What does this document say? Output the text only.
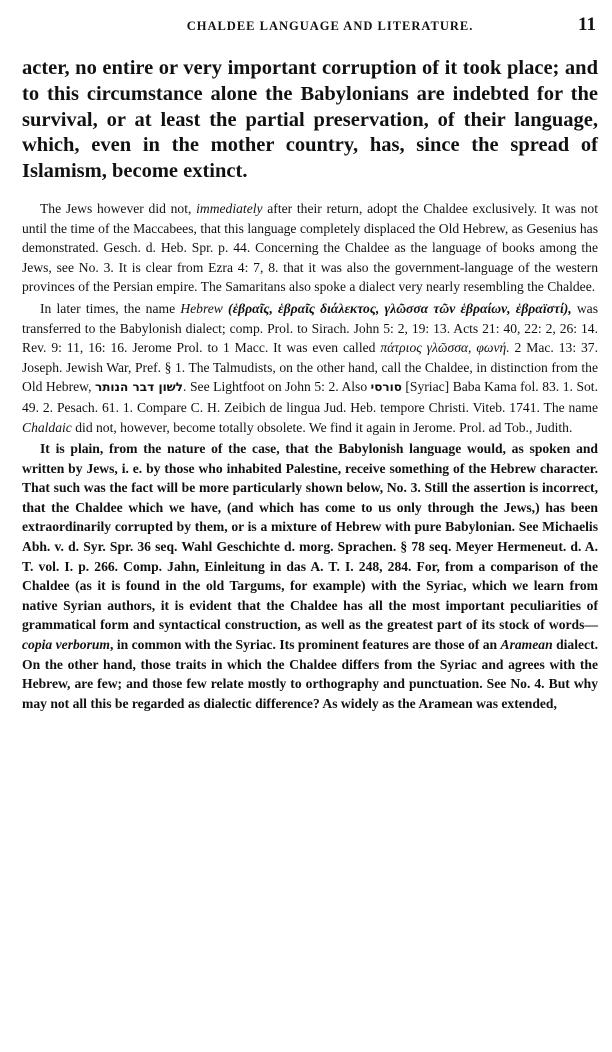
CHALDEE LANGUAGE AND LITERATURE.	11

acter, no entire or very important corruption of it took place; and to this circumstance alone the Babylonians are indebted for the survival, or at least the partial preservation, of their language, which, even in the mother country, has, since the spread of Islamism, become extinct.

The Jews however did not, immediately after their return, adopt the Chaldee exclusively. It was not until the time of the Maccabees, that this language completely displaced the Old Hebrew, as Gesenius has demonstrated. Gesch. d. Heb. Spr. p. 44. Concerning the Chaldee as the language of books among the Jews, see No. 3. It is clear from Ezra 4: 7, 8. that it was also the government-language of the western provinces of the Persian empire. The Samaritans also spoke a dialect very nearly resembling the Chaldee.

In later times, the name Hebrew (ἑβραῖς, ἑβραῖς διάλεκτος, γλῶσσα τῶν ἑβραίων, ἑβραϊστί), was transferred to the Babylonish dialect; comp. Prol. to Sirach. John 5: 2, 19: 13. Acts 21: 40, 22: 2, 26: 14. Rev. 9: 11, 16: 16. Jerome Prol. to 1 Macc. It was even called πάτριος γλῶσσα, φωνή. 2 Mac. 13: 37. Joseph. Jewish War, Pref. § 1. The Talmudists, on the other hand, call the Chaldee, in distinction from the Old Hebrew, לשון דבר הנותר. See Lightfoot on John 5: 2. Also סורסי [Syriac] Baba Kama fol. 83. 1. Sot. 49. 2. Pesach. 61. 1. Compare C. H. Zeibich de lingua Jud. Heb. tempore Christi. Viteb. 1741. The name Chaldaic did not, however, become totally obsolete. We find it again in Jerome. Prol. ad Tob., Judith.

It is plain, from the nature of the case, that the Babylonish language would, as spoken and written by Jews, i. e. by those who inhabited Palestine, receive something of the Hebrew character. That such was the fact will be more particularly shown below, No. 3. Still the assertion is incorrect, that the Chaldee which we have, (and which has come to us only through the Jews,) has been extraordinarily corrupted by them, or is a mixture of Hebrew with pure Babylonian. See Michaelis Abh. v. d. Syr. Spr. 36 seq. Wahl Geschichte d. morg. Sprachen. § 78 seq. Meyer Hermeneut. d. A. T. vol. I. p. 266. Comp. Jahn, Einleitung in das A. T. I. 248, 284. For, from a comparison of the Chaldee (as it is found in the old Targums, for example) with the Syriac, which we learn from native Syrian authors, it is evident that the Chaldee has all the most important peculiarities of grammatical form and syntactical construction, as well as the greatest part of its stock of words—copia verborum, in common with the Syriac. Its prominent features are those of an Aramean dialect. On the other hand, those traits in which the Chaldee differs from the Syriac and agrees with the Hebrew, are few; and those few relate mostly to orthography and punctuation. See No. 4. But why may not all this be regarded as dialectic difference? As widely as the Aramean was extended,
